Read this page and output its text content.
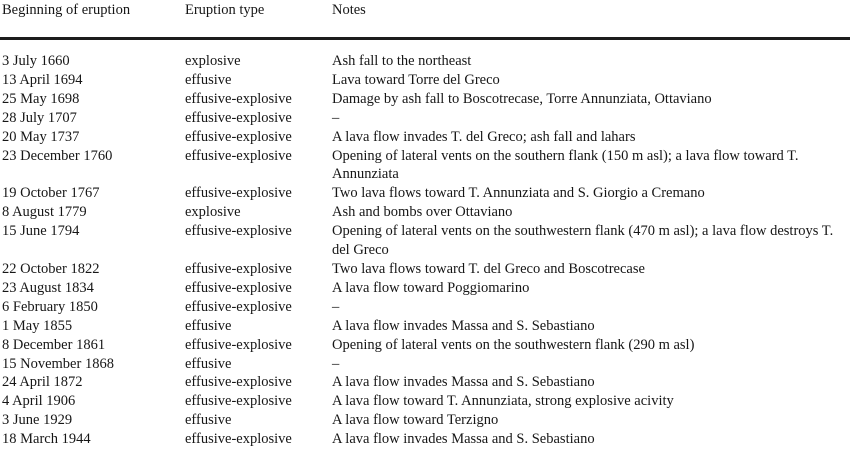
Beginning of eruption	Eruption type	Notes
3 July 1660	explosive	Ash fall to the northeast
13 April 1694	effusive	Lava toward Torre del Greco
25 May 1698	effusive-explosive	Damage by ash fall to Boscotrecase, Torre Annunziata, Ottaviano
28 July 1707	effusive-explosive	–
20 May 1737	effusive-explosive	A lava flow invades T. del Greco; ash fall and lahars
23 December 1760	effusive-explosive	Opening of lateral vents on the southern flank (150 m asl); a lava flow toward T. Annunziata
19 October 1767	effusive-explosive	Two lava flows toward T. Annunziata and S. Giorgio a Cremano
8 August 1779	explosive	Ash and bombs over Ottaviano
15 June 1794	effusive-explosive	Opening of lateral vents on the southwestern flank (470 m asl); a lava flow destroys T. del Greco
22 October 1822	effusive-explosive	Two lava flows toward T. del Greco and Boscotrecase
23 August 1834	effusive-explosive	A lava flow toward Poggiomarino
6 February 1850	effusive-explosive	–
1 May 1855	effusive	A lava flow invades Massa and S. Sebastiano
8 December 1861	effusive-explosive	Opening of lateral vents on the southwestern flank (290 m asl)
15 November 1868	effusive	–
24 April 1872	effusive-explosive	A lava flow invades Massa and S. Sebastiano
4 April 1906	effusive-explosive	A lava flow toward T. Annunziata, strong explosive acivity
3 June 1929	effusive	A lava flow toward Terzigno
18 March 1944	effusive-explosive	A lava flow invades Massa and S. Sebastiano
